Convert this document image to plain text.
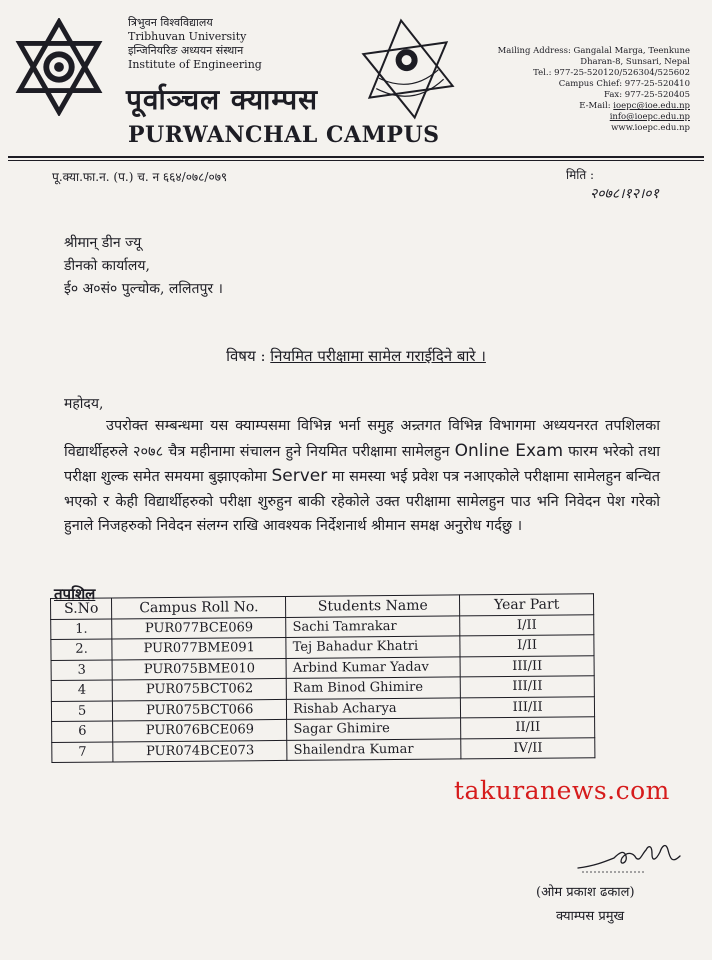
त्रिभुवन विश्वविद्यालय
Tribhuvan University
इन्जिनियरिङ अध्ययन संस्थान
Institute of Engineering
पूर्वाञ्चल क्याम्पस
PURWANCHAL CAMPUS
Mailing Address: Gangalal Marga, Teenkune
Dharan-8, Sunsari, Nepal
Tel.: 977-25-520120/526304/525602
Campus Chief: 977-25-520410
Fax: 977-25-520405
E-Mail: ioepc@ioe.edu.np
info@ioepc.edu.np
www.ioepc.edu.np
पू.क्या.फा.न. (प.) च. न ६६४/०७८/०७९	मिति :
२०७८।१२।०१
श्रीमान् डीन ज्यू
डीनको कार्यालय,
ई० अ०सं० पुल्चोक, ललितपुर ।
विषय : नियमित परीक्षामा सामेल गराईदिने बारे ।
महोदय,
उपरोक्त सम्बन्धमा यस क्याम्पसमा विभिन्न भर्ना समुह अन्र्तगत विभिन्न विभागमा अध्ययनरत तपशिलका विद्यार्थीहरुले २०७८ चैत्र महीनामा संचालन हुने नियमित परीक्षामा सामेलहुन Online Exam फारम भरेको तथा परीक्षा शुल्क समेत समयमा बुझाएकोमा Server मा समस्या भई प्रवेश पत्र नआएकोले परीक्षामा सामेलहुन बन्चित भएको र केही विद्यार्थीहरुको परीक्षा शुरुहुन बाकी रहेकोले उक्त परीक्षामा सामेलहुन पाउ भनि निवेदन पेश गरेको हुनाले निजहरुको निवेदन संलग्न राखि आवश्यक निर्देशनार्थ श्रीमान समक्ष अनुरोध गर्दछु ।
तपशिल
S.No	Campus Roll No.	Students Name	Year Part
1.	PUR077BCE069	Sachi Tamrakar	I/II
2.	PUR077BME091	Tej Bahadur Khatri	I/II
3	PUR075BME010	Arbind Kumar Yadav	III/II
4	PUR075BCT062	Ram Binod Ghimire	III/II
5	PUR075BCT066	Rishab Acharya	III/II
6	PUR076BCE069	Sagar Ghimire	II/II
7	PUR074BCE073	Shailendra Kumar	IV/II
takuranews.com
(ओम प्रकाश ढकाल)
क्याम्पस प्रमुख
